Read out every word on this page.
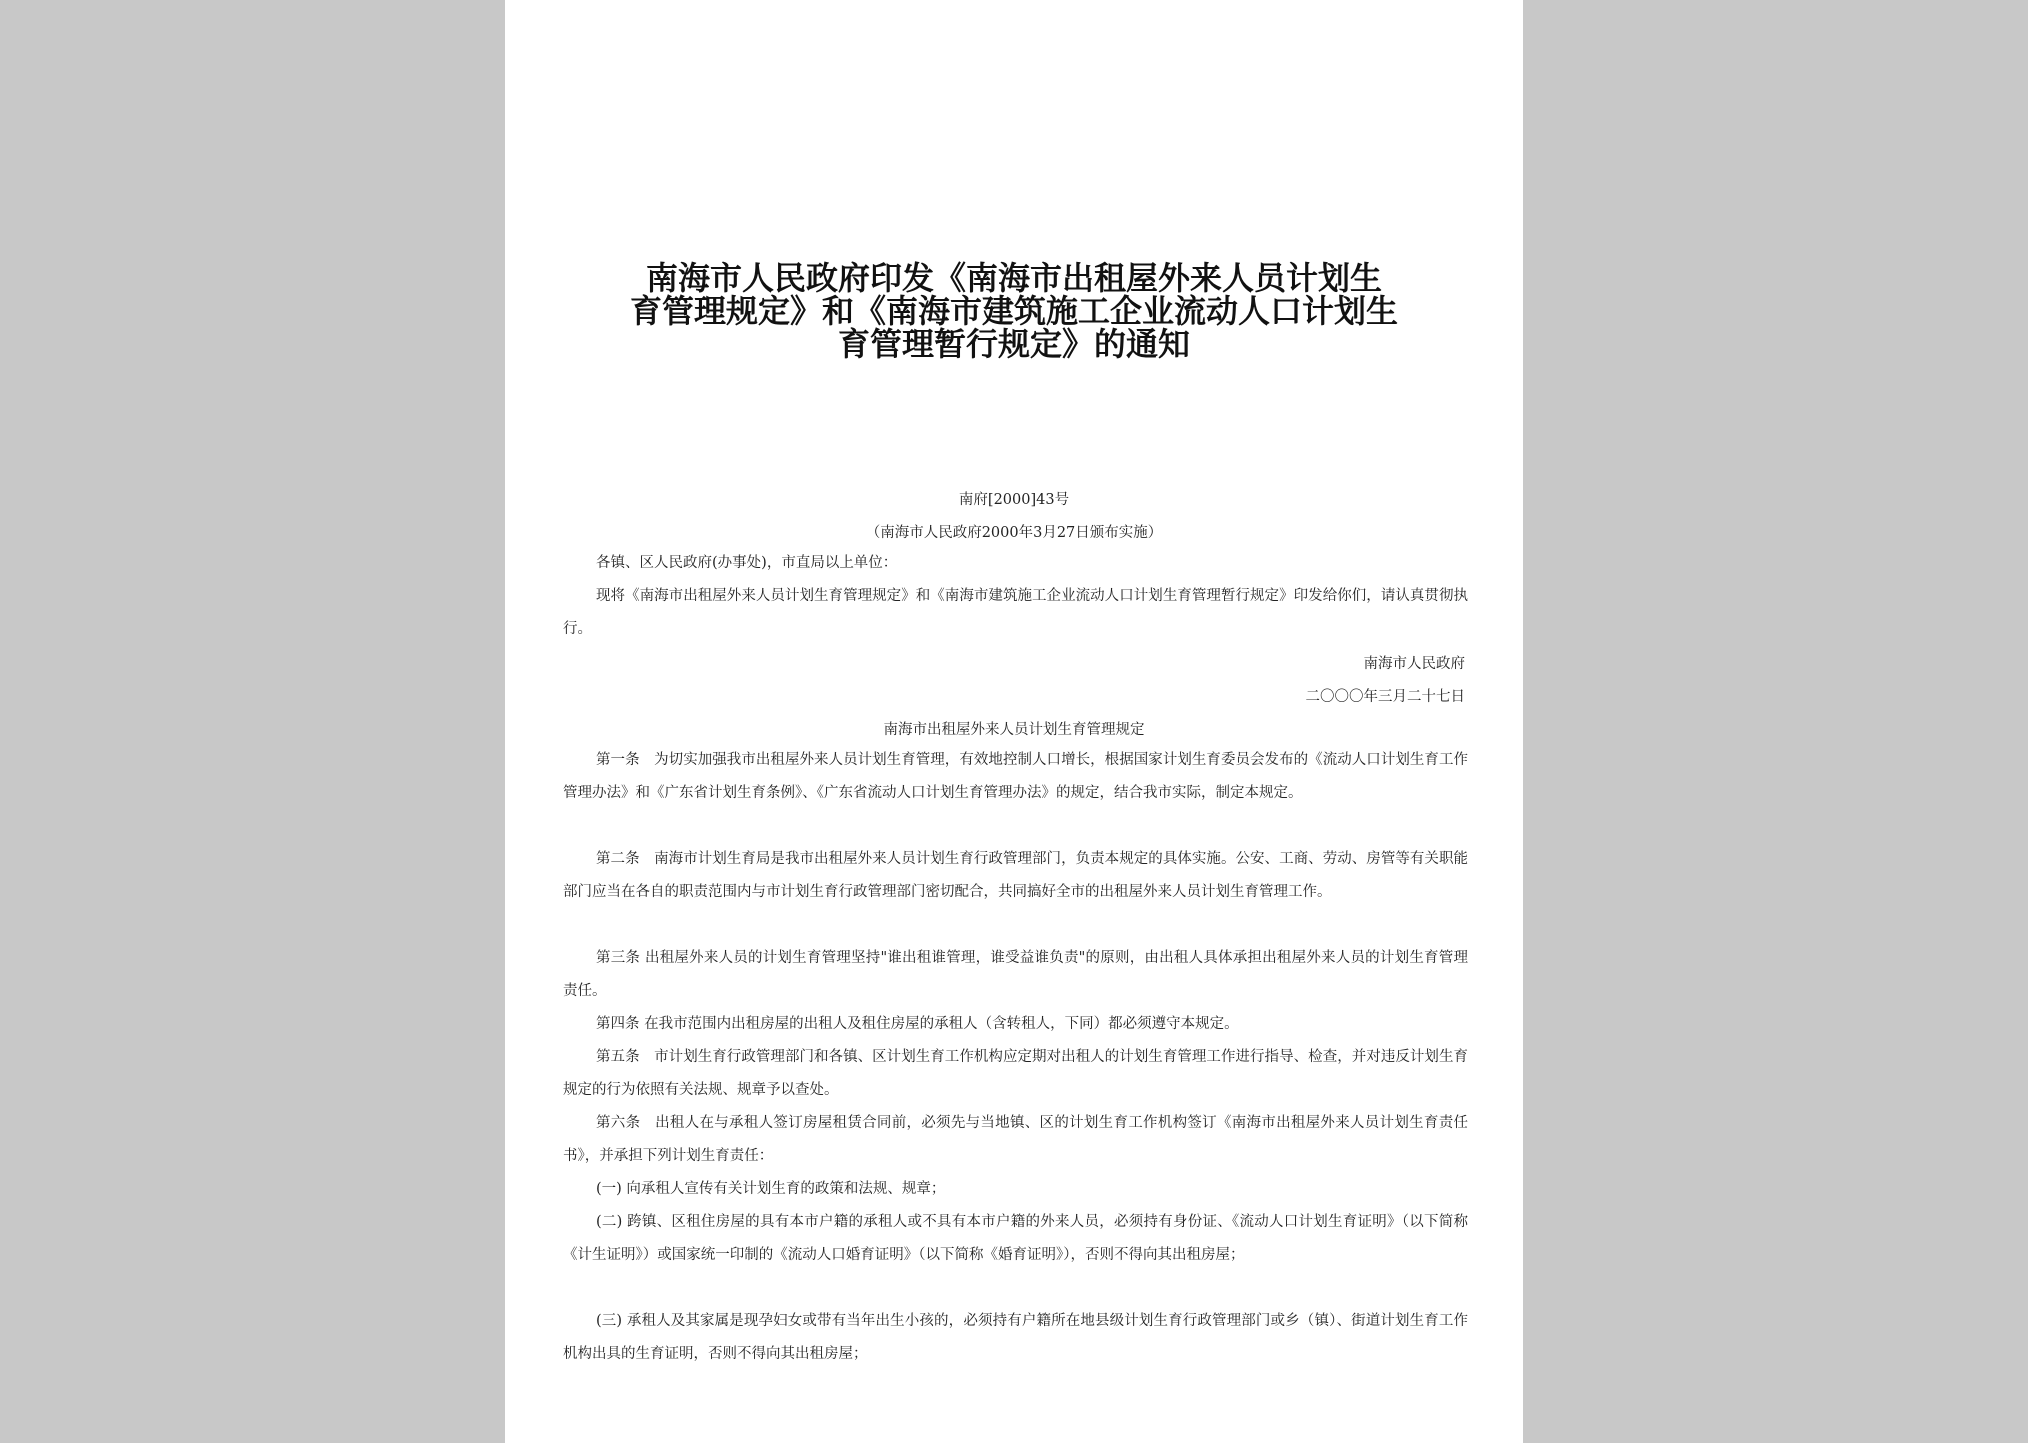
南海市人民政府印发《南海市出租屋外来人员计划生
育管理规定》和《南海市建筑施工企业流动人口计划生
育管理暂行规定》的通知
南府[2000]43号
（南海市人民政府2000年3月27日颁布实施）

各镇、区人民政府(办事处)，市直局以上单位：

现将《南海市出租屋外来人员计划生育管理规定》和《南海市建筑施工企业流动人口计划生育管理暂行规定》印发给你们，请认真贯彻执行。

南海市人民政府
二〇〇〇年三月二十七日
南海市出租屋外来人员计划生育管理规定

第一条　为切实加强我市出租屋外来人员计划生育管理，有效地控制人口增长，根据国家计划生育委员会发布的《流动人口计划生育工作管理办法》和《广东省计划生育条例》、《广东省流动人口计划生育管理办法》的规定，结合我市实际，制定本规定。

第二条　南海市计划生育局是我市出租屋外来人员计划生育行政管理部门，负责本规定的具体实施。公安、工商、劳动、房管等有关职能部门应当在各自的职责范围内与市计划生育行政管理部门密切配合，共同搞好全市的出租屋外来人员计划生育管理工作。

第三条 出租屋外来人员的计划生育管理坚持"谁出租谁管理，谁受益谁负责"的原则，由出租人具体承担出租屋外来人员的计划生育管理责任。

第四条 在我市范围内出租房屋的出租人及租住房屋的承租人（含转租人，下同）都必须遵守本规定。

第五条　市计划生育行政管理部门和各镇、区计划生育工作机构应定期对出租人的计划生育管理工作进行指导、检查，并对违反计划生育规定的行为依照有关法规、规章予以查处。

第六条　出租人在与承租人签订房屋租赁合同前，必须先与当地镇、区的计划生育工作机构签订《南海市出租屋外来人员计划生育责任书》，并承担下列计划生育责任：

(一) 向承租人宣传有关计划生育的政策和法规、规章；

(二) 跨镇、区租住房屋的具有本市户籍的承租人或不具有本市户籍的外来人员，必须持有身份证、《流动人口计划生育证明》（以下简称《计生证明》）或国家统一印制的《流动人口婚育证明》（以下简称《婚育证明》），否则不得向其出租房屋；

(三) 承租人及其家属是现孕妇女或带有当年出生小孩的，必须持有户籍所在地县级计划生育行政管理部门或乡（镇）、街道计划生育工作机构出具的生育证明，否则不得向其出租房屋；
